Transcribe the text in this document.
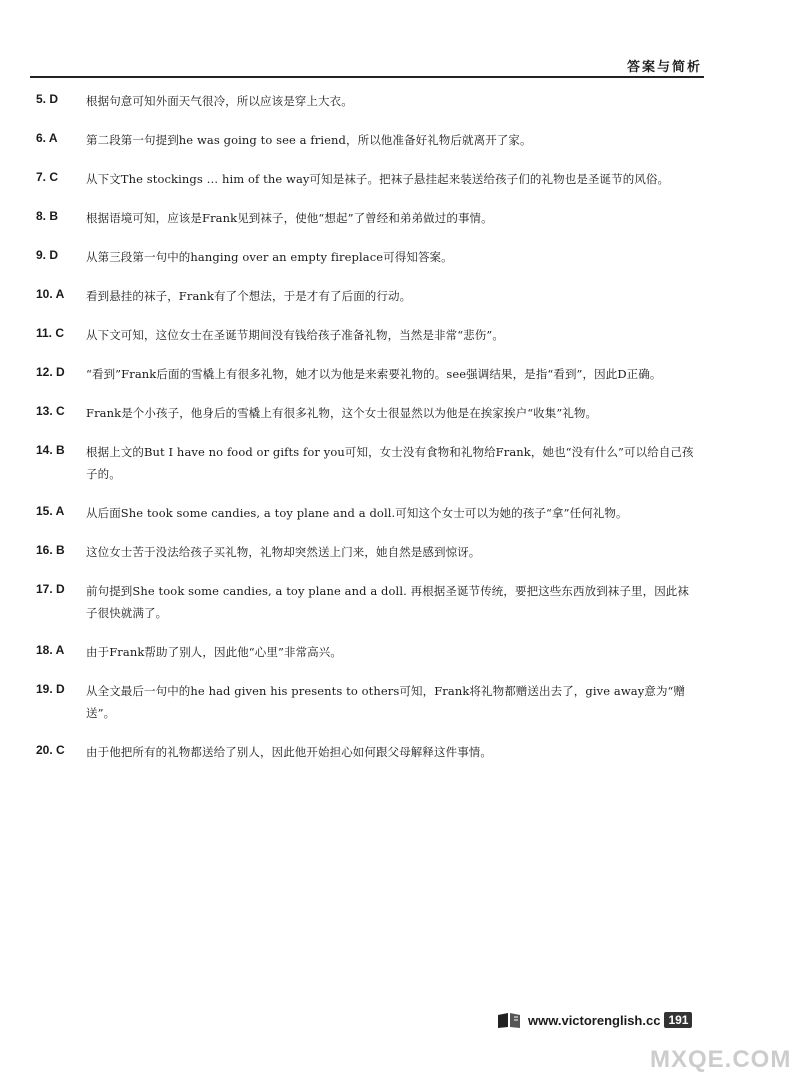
答案与简析
5. D	根据句意可知外面天气很冷，所以应该是穿上大衣。
6. A	第二段第一句提到he was going to see a friend，所以他准备好礼物后就离开了家。
7. C	从下文The stockings … him of the way可知是袜子。把袜子悬挂起来装送给孩子们的礼物也是圣诞节的风俗。
8. B	根据语境可知，应该是Frank见到袜子，使他“想起”了曾经和弟弟做过的事情。
9. D	从第三段第一句中的hanging over an empty fireplace可得知答案。
10. A	看到悬挂的袜子，Frank有了个想法，于是才有了后面的行动。
11. C	从下文可知，这位女士在圣诞节期间没有钱给孩子准备礼物，当然是非常“悲伤”。
12. D	“看到”Frank后面的雪橇上有很多礼物，她才以为他是来索要礼物的。see强调结果，是指“看到”，因此D正确。
13. C	Frank是个小孩子，他身后的雪橇上有很多礼物，这个女士很显然以为他是在挨家挨户“收集”礼物。
14. B	根据上文的But I have no food or gifts for you可知，女士没有食物和礼物给Frank，她也“没有什么”可以给自己孩子的。
15. A	从后面She took some candies, a toy plane and a doll.可知这个女士可以为她的孩子“拿”任何礼物。
16. B	这位女士苦于没法给孩子买礼物，礼物却突然送上门来，她自然是感到惊讶。
17. D	前句提到She took some candies, a toy plane and a doll. 再根据圣诞节传统，要把这些东西放到袜子里，因此袜子很快就满了。
18. A	由于Frank帮助了别人，因此他“心里”非常高兴。
19. D	从全文最后一句中的he had given his presents to others可知，Frank将礼物都赠送出去了，give away意为“赠送”。
20. C	由于他把所有的礼物都送给了别人，因此他开始担心如何跟父母解释这件事情。
www.victorenglish.cc 191
MXQE.COM
